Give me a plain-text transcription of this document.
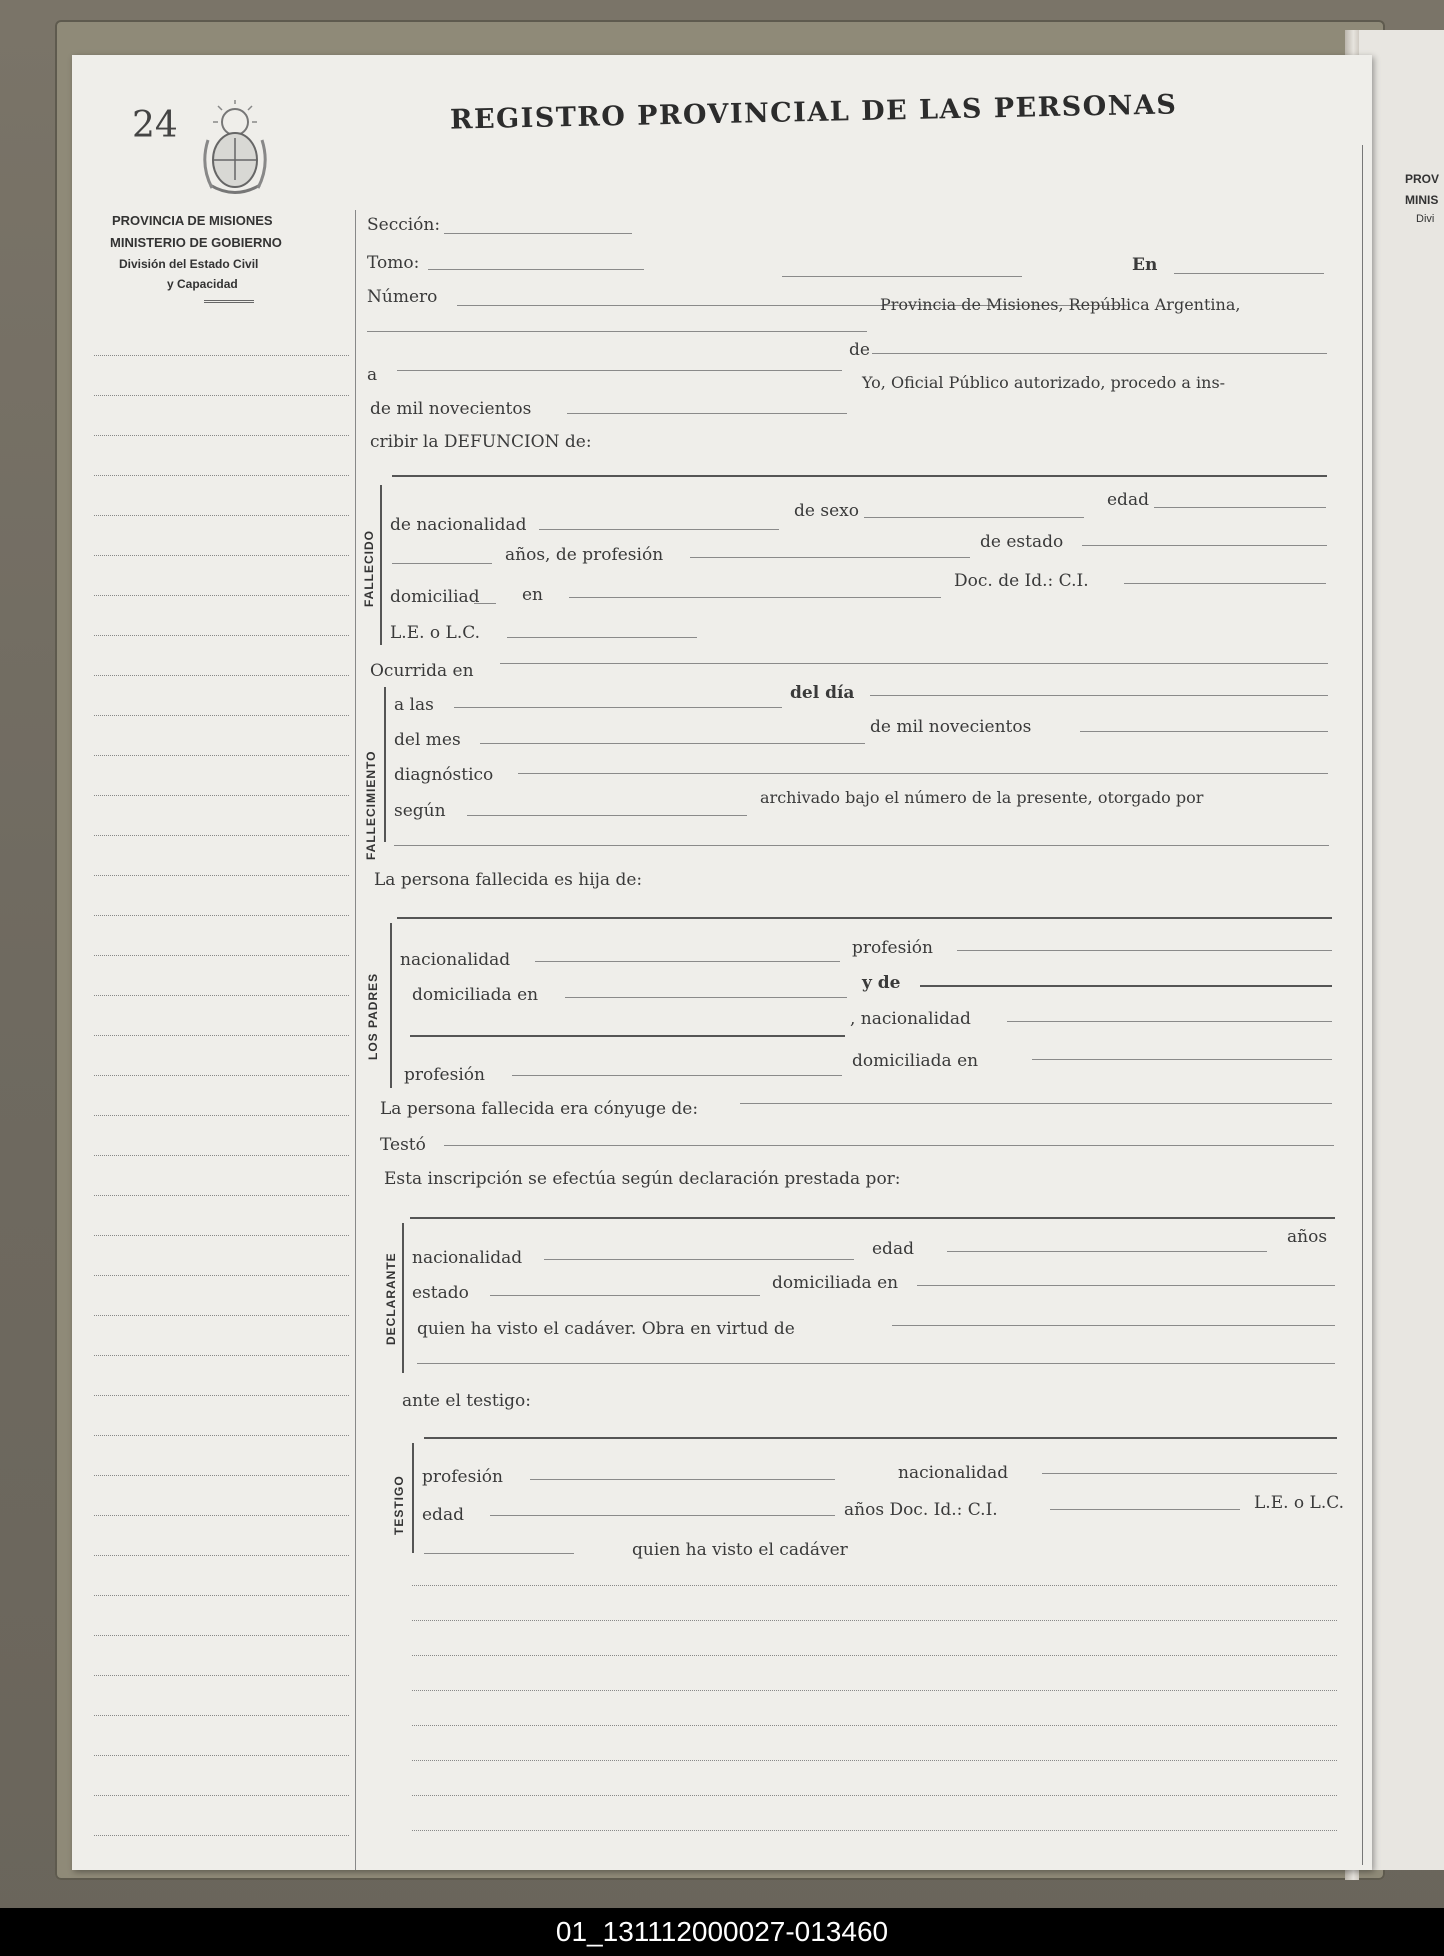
PROV
MINIS
Divi
24	REGISTRO PROVINCIAL DE LAS PERSONAS
PROVINCIA DE MISIONES
MINISTERIO DE GOBIERNO
División del Estado Civil
y Capacidad
Sección:
Tomo:	En
Número	Provincia de Misiones, República Argentina,
de
a
de mil novecientos
Yo, Oficial Público autorizado, procedo a ins-
cribir la DEFUNCION de:
FALLECIDO
de nacionalidad
de sexo
edad
años, de profesión
de estado
domiciliad en
Doc. de Id.: C.I.
L.E. o L.C.
Ocurrida en
FALLECIMIENTO
a las
del día
del mes
de mil novecientos
diagnóstico
según
archivado bajo el número de la presente, otorgado por
La persona fallecida es hija de:
LOS PADRES
nacionalidad
profesión
domiciliada en
y de
, nacionalidad
profesión
domiciliada en
La persona fallecida era cónyuge de:
Testó
Esta inscripción se efectúa según declaración prestada por:
DECLARANTE nacionalidad	edad
años
estado	domiciliada en
quien ha visto el cadáver. Obra en virtud de
ante el testigo:
TESTIGO profesión	nacionalidad
edad	años Doc. Id.: C.I.	L.E. o L.C.
quien ha visto el cadáver
01_131112000027-013460
